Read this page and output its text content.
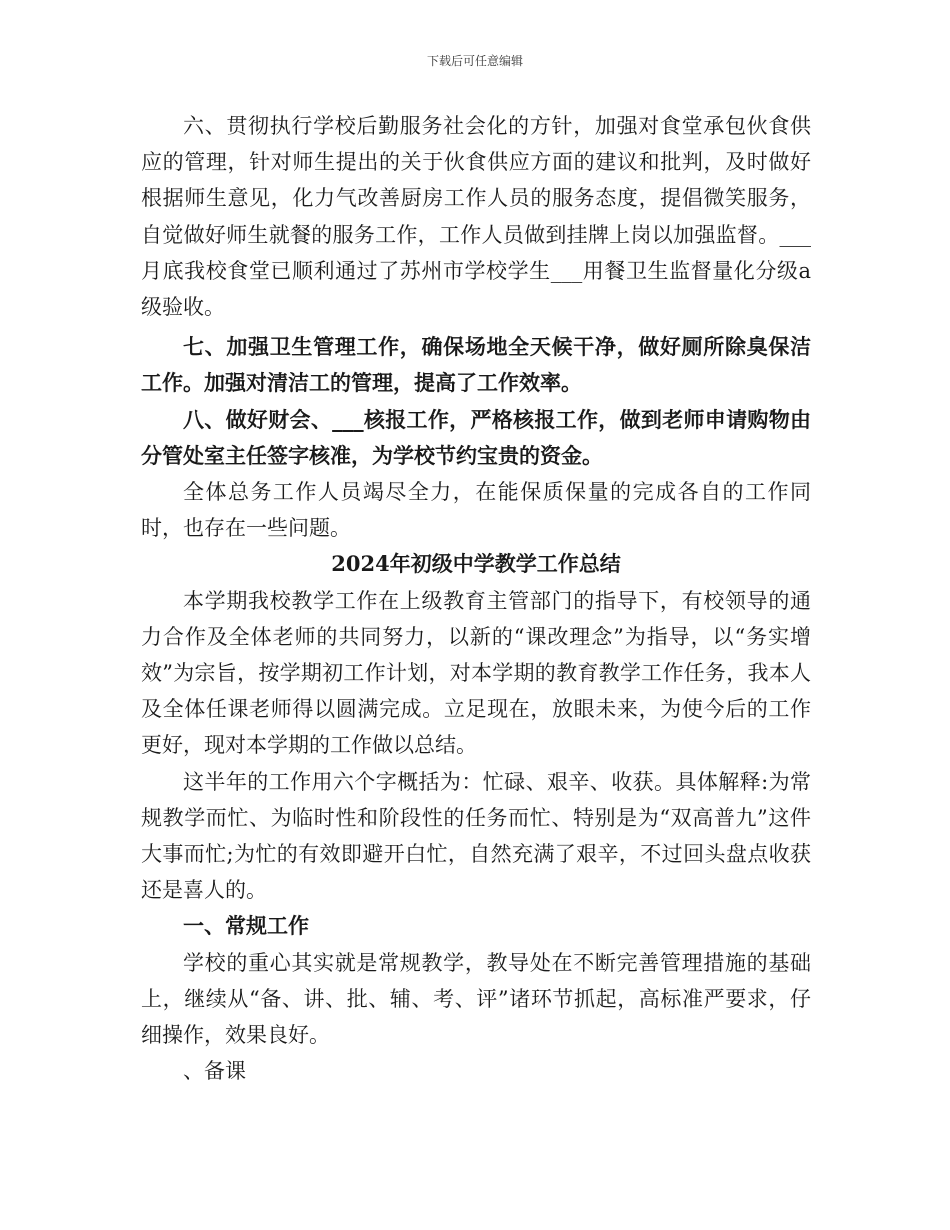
下载后可任意编辑

六、贯彻执行学校后勤服务社会化的方针，加强对食堂承包伙食供应的管理，针对师生提出的关于伙食供应方面的建议和批判，及时做好根据师生意见，化力气改善厨房工作人员的服务态度，提倡微笑服务，自觉做好师生就餐的服务工作，工作人员做到挂牌上岗以加强监督。___月底我校食堂已顺利通过了苏州市学校学生___用餐卫生监督量化分级a级验收。

七、加强卫生管理工作，确保场地全天候干净，做好厕所除臭保洁工作。加强对清洁工的管理，提高了工作效率。

八、做好财会、___核报工作，严格核报工作，做到老师申请购物由分管处室主任签字核准，为学校节约宝贵的资金。

全体总务工作人员竭尽全力，在能保质保量的完成各自的工作同时，也存在一些问题。

2024年初级中学教学工作总结

本学期我校教学工作在上级教育主管部门的指导下，有校领导的通力合作及全体老师的共同努力，以新的“课改理念”为指导，以“务实增效”为宗旨，按学期初工作计划，对本学期的教育教学工作任务，我本人及全体任课老师得以圆满完成。立足现在，放眼未来，为使今后的工作更好，现对本学期的工作做以总结。

这半年的工作用六个字概括为：忙碌、艰辛、收获。具体解释:为常规教学而忙、为临时性和阶段性的任务而忙、特别是为“双高普九”这件大事而忙;为忙的有效即避开白忙，自然充满了艰辛，不过回头盘点收获还是喜人的。

一、常规工作

学校的重心其实就是常规教学，教导处在不断完善管理措施的基础上，继续从“备、讲、批、辅、考、评”诸环节抓起，高标准严要求，仔细操作，效果良好。

、备课
